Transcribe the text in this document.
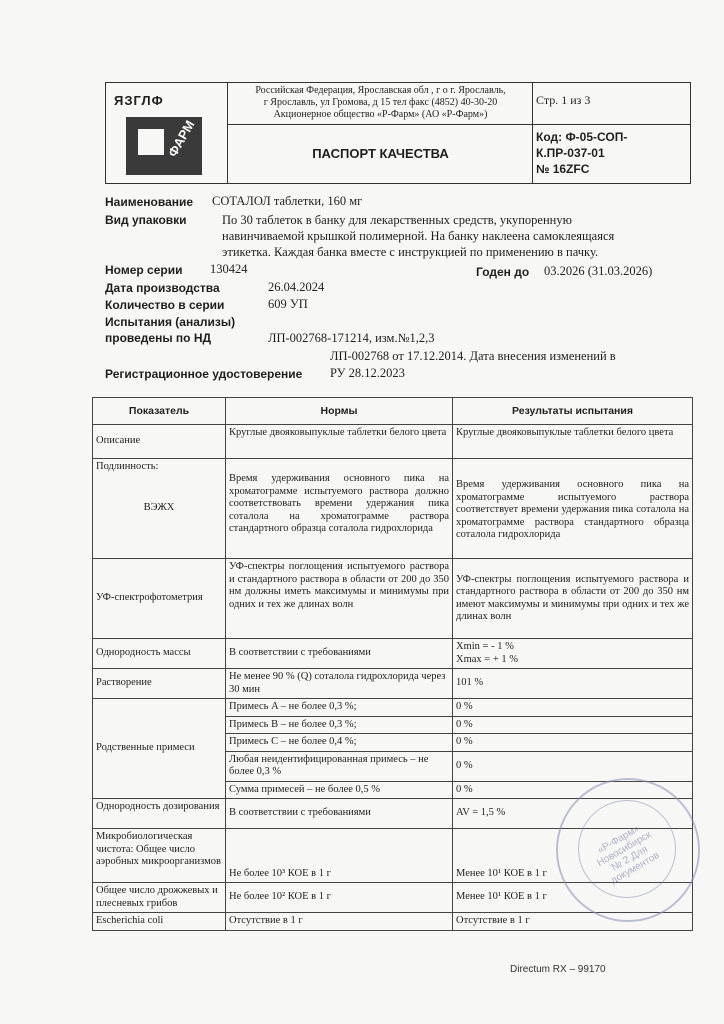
ЯЗГЛФ
ФАРМ
Российская Федерация, Ярославская обл , г о г. Ярославль,
г Ярославль, ул Громова, д 15 тел факс (4852) 40-30-20
Акционерное общество «Р-Фарм» (АО «Р-Фарм»)
ПАСПОРТ КАЧЕСТВА
Стр. 1 из 3
Код: Ф-05-СОП-
К.ПР-037-01
№ 16ZFC
Наименование СОТАЛОЛ таблетки, 160 мг
Вид упаковки	По 30 таблеток в банку для лекарственных средств, укупоренную
навинчиваемой крышкой полимерной. На банку наклеена самоклеящаяся
этикетка. Каждая банка вместе с инструкцией по применению в пачку.
Номер серии 130424	Годен до 03.2026 (31.03.2026)
Дата производства	26.04.2024
Количество в серии	609 УП
Испытания (анализы)
проведены по НД	ЛП-002768-171214, изм.№1,2,3
ЛП-002768 от 17.12.2014. Дата внесения изменений в
Регистрационное удостоверение РУ 28.12.2023
Показатель	Нормы	Результаты испытания
Описание	Круглые двояковыпуклые таблетки белого цвета	Круглые двояковыпуклые таблетки белого цвета

Подлинность:
ВЭЖХ	Время удерживания основного пика на хроматограмме испытуемого раствора должно соответствовать времени удержания пика соталола на хроматограмме раствора стандартного образца соталола гидрохлорида	Время удерживания основного пика на хроматограмме испытуемого раствора соответствует времени удержания пика соталола на хроматограмме раствора стандартного образца соталола гидрохлорида
УФ-спектрофотометрия	УФ-спектры поглощения испытуемого раствора и стандартного раствора в области от 200 до 350 нм должны иметь максимумы и минимумы при одних и тех же длинах волн	УФ-спектры поглощения испытуемого раствора и стандартного раствора в области от 200 до 350 нм имеют максимумы и минимумы при одних и тех же длинах волн
Однородность массы	В соответствии с требованиями	Xmin = - 1 %
Xmax = + 1 %

Растворение	Не менее 90 % (Q) соталола гидрохлорида через 30 мин	101 %
Родственные примеси	Примесь A – не более 0,3 %;	0 %
	Примесь B – не более 0,3 %;	0 %
	Примесь C – не более 0,4 %;	0 %
	Любая неидентифицированная примесь – не более 0,3 %	0 %
	Сумма примесей – не более 0,5 %	0 %
Однородность дозирования	В соответствии с требованиями	AV = 1,5 %
Микробиологическая чистота: Общее число аэробных микроорганизмов	Не более 10³ КОЕ в 1 г	Менее 10¹ КОЕ в 1 г
Общее число дрожжевых и плесневых грибов	Не более 10² КОЕ в 1 г	Менее 10¹ КОЕ в 1 г
Escherichia coli	Отсутствие в 1 г	Отсутствие в 1 г
«Р-Фарм» Новосибирск № 2 Для документов
Directum RX – 99170
